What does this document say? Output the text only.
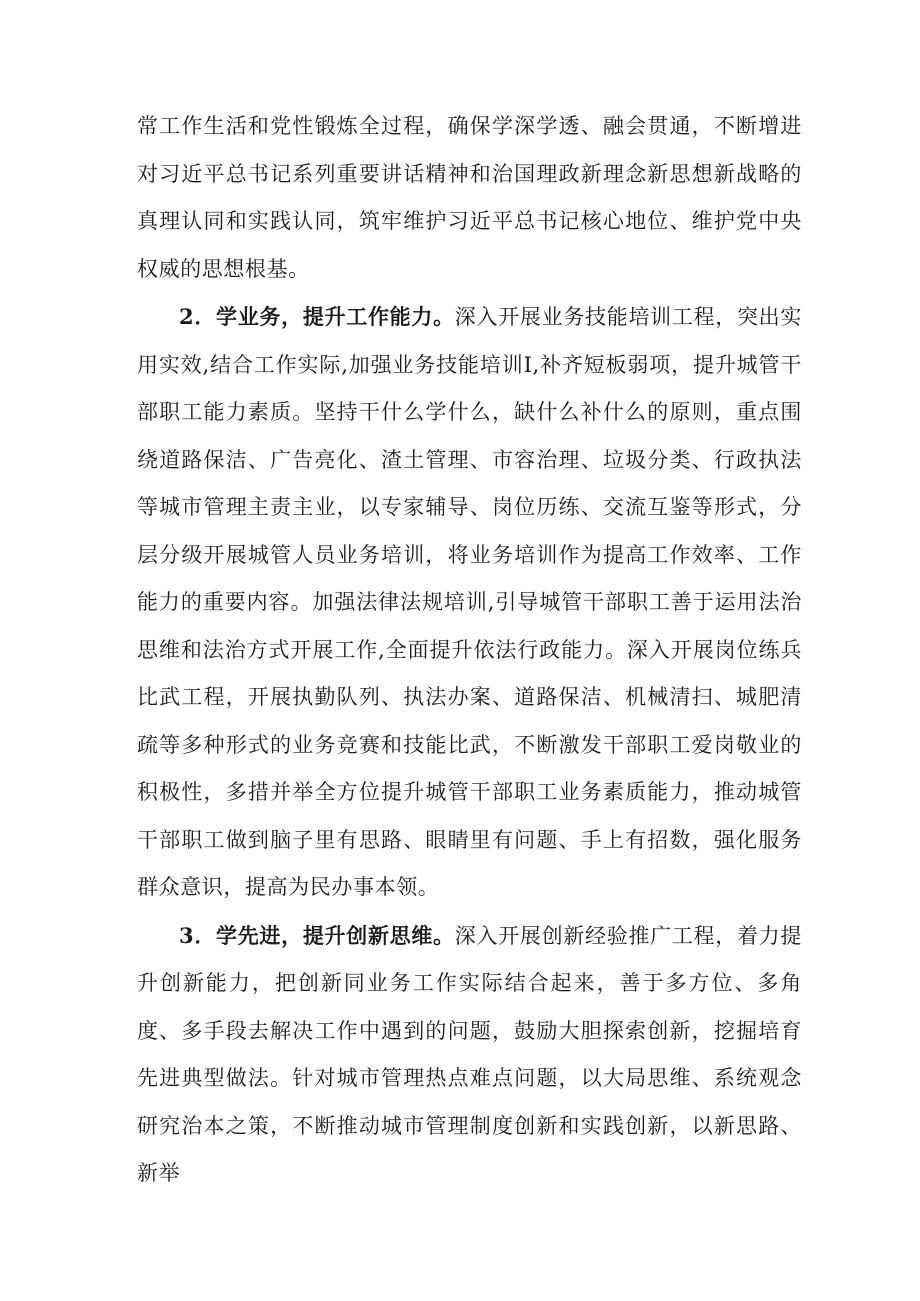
常工作生活和党性锻炼全过程，确保学深学透、融会贯通，不断增进对习近平总书记系列重要讲话精神和治国理政新理念新思想新战略的真理认同和实践认同，筑牢维护习近平总书记核心地位、维护党中央权威的思想根基。

2．学业务，提升工作能力。深入开展业务技能培训工程，突出实用实效,结合工作实际,加强业务技能培训I,补齐短板弱项，提升城管干部职工能力素质。坚持干什么学什么，缺什么补什么的原则，重点围绕道路保洁、广告亮化、渣土管理、市容治理、垃圾分类、行政执法等城市管理主责主业，以专家辅导、岗位历练、交流互鉴等形式，分层分级开展城管人员业务培训，将业务培训作为提高工作效率、工作能力的重要内容。加强法律法规培训,引导城管干部职工善于运用法治思维和法治方式开展工作,全面提升依法行政能力。深入开展岗位练兵比武工程，开展执勤队列、执法办案、道路保洁、机械清扫、城肥清疏等多种形式的业务竞赛和技能比武，不断激发干部职工爱岗敬业的积极性，多措并举全方位提升城管干部职工业务素质能力，推动城管干部职工做到脑子里有思路、眼睛里有问题、手上有招数，强化服务群众意识，提高为民办事本领。

3．学先进，提升创新思维。深入开展创新经验推广工程，着力提升创新能力，把创新同业务工作实际结合起来，善于多方位、多角度、多手段去解决工作中遇到的问题，鼓励大胆探索创新，挖掘培育先进典型做法。针对城市管理热点难点问题，以大局思维、系统观念研究治本之策，不断推动城市管理制度创新和实践创新，以新思路、新举
